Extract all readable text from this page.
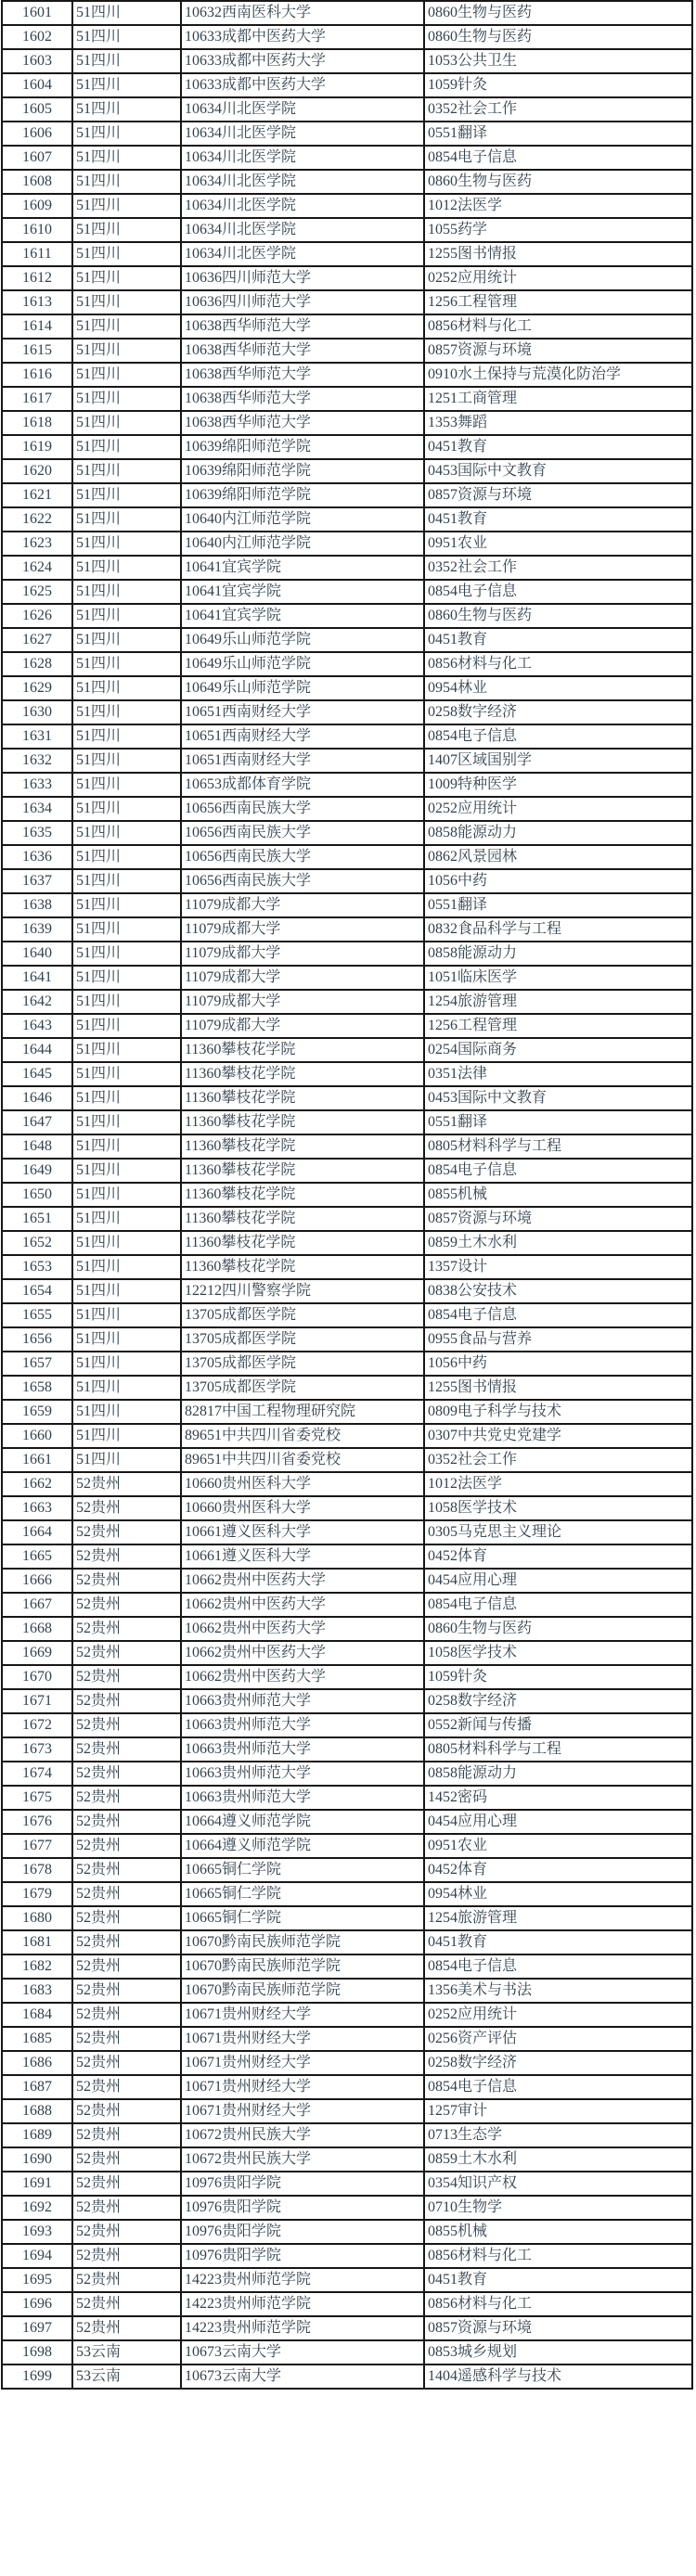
1601	51四川	10632西南医科大学	0860生物与医药
1602	51四川	10633成都中医药大学	0860生物与医药
1603	51四川	10633成都中医药大学	1053公共卫生
1604	51四川	10633成都中医药大学	1059针灸
1605	51四川	10634川北医学院	0352社会工作
1606	51四川	10634川北医学院	0551翻译
1607	51四川	10634川北医学院	0854电子信息
1608	51四川	10634川北医学院	0860生物与医药
1609	51四川	10634川北医学院	1012法医学
1610	51四川	10634川北医学院	1055药学
1611	51四川	10634川北医学院	1255图书情报
1612	51四川	10636四川师范大学	0252应用统计
1613	51四川	10636四川师范大学	1256工程管理
1614	51四川	10638西华师范大学	0856材料与化工
1615	51四川	10638西华师范大学	0857资源与环境
1616	51四川	10638西华师范大学	0910水土保持与荒漠化防治学
1617	51四川	10638西华师范大学	1251工商管理
1618	51四川	10638西华师范大学	1353舞蹈
1619	51四川	10639绵阳师范学院	0451教育
1620	51四川	10639绵阳师范学院	0453国际中文教育
1621	51四川	10639绵阳师范学院	0857资源与环境
1622	51四川	10640内江师范学院	0451教育
1623	51四川	10640内江师范学院	0951农业
1624	51四川	10641宜宾学院	0352社会工作
1625	51四川	10641宜宾学院	0854电子信息
1626	51四川	10641宜宾学院	0860生物与医药
1627	51四川	10649乐山师范学院	0451教育
1628	51四川	10649乐山师范学院	0856材料与化工
1629	51四川	10649乐山师范学院	0954林业
1630	51四川	10651西南财经大学	0258数字经济
1631	51四川	10651西南财经大学	0854电子信息
1632	51四川	10651西南财经大学	1407区域国别学
1633	51四川	10653成都体育学院	1009特种医学
1634	51四川	10656西南民族大学	0252应用统计
1635	51四川	10656西南民族大学	0858能源动力
1636	51四川	10656西南民族大学	0862风景园林
1637	51四川	10656西南民族大学	1056中药
1638	51四川	11079成都大学	0551翻译
1639	51四川	11079成都大学	0832食品科学与工程
1640	51四川	11079成都大学	0858能源动力
1641	51四川	11079成都大学	1051临床医学
1642	51四川	11079成都大学	1254旅游管理
1643	51四川	11079成都大学	1256工程管理
1644	51四川	11360攀枝花学院	0254国际商务
1645	51四川	11360攀枝花学院	0351法律
1646	51四川	11360攀枝花学院	0453国际中文教育
1647	51四川	11360攀枝花学院	0551翻译
1648	51四川	11360攀枝花学院	0805材料科学与工程
1649	51四川	11360攀枝花学院	0854电子信息
1650	51四川	11360攀枝花学院	0855机械
1651	51四川	11360攀枝花学院	0857资源与环境
1652	51四川	11360攀枝花学院	0859土木水利
1653	51四川	11360攀枝花学院	1357设计
1654	51四川	12212四川警察学院	0838公安技术
1655	51四川	13705成都医学院	0854电子信息
1656	51四川	13705成都医学院	0955食品与营养
1657	51四川	13705成都医学院	1056中药
1658	51四川	13705成都医学院	1255图书情报
1659	51四川	82817中国工程物理研究院	0809电子科学与技术
1660	51四川	89651中共四川省委党校	0307中共党史党建学
1661	51四川	89651中共四川省委党校	0352社会工作
1662	52贵州	10660贵州医科大学	1012法医学
1663	52贵州	10660贵州医科大学	1058医学技术
1664	52贵州	10661遵义医科大学	0305马克思主义理论
1665	52贵州	10661遵义医科大学	0452体育
1666	52贵州	10662贵州中医药大学	0454应用心理
1667	52贵州	10662贵州中医药大学	0854电子信息
1668	52贵州	10662贵州中医药大学	0860生物与医药
1669	52贵州	10662贵州中医药大学	1058医学技术
1670	52贵州	10662贵州中医药大学	1059针灸
1671	52贵州	10663贵州师范大学	0258数字经济
1672	52贵州	10663贵州师范大学	0552新闻与传播
1673	52贵州	10663贵州师范大学	0805材料科学与工程
1674	52贵州	10663贵州师范大学	0858能源动力
1675	52贵州	10663贵州师范大学	1452密码
1676	52贵州	10664遵义师范学院	0454应用心理
1677	52贵州	10664遵义师范学院	0951农业
1678	52贵州	10665铜仁学院	0452体育
1679	52贵州	10665铜仁学院	0954林业
1680	52贵州	10665铜仁学院	1254旅游管理
1681	52贵州	10670黔南民族师范学院	0451教育
1682	52贵州	10670黔南民族师范学院	0854电子信息
1683	52贵州	10670黔南民族师范学院	1356美术与书法
1684	52贵州	10671贵州财经大学	0252应用统计
1685	52贵州	10671贵州财经大学	0256资产评估
1686	52贵州	10671贵州财经大学	0258数字经济
1687	52贵州	10671贵州财经大学	0854电子信息
1688	52贵州	10671贵州财经大学	1257审计
1689	52贵州	10672贵州民族大学	0713生态学
1690	52贵州	10672贵州民族大学	0859土木水利
1691	52贵州	10976贵阳学院	0354知识产权
1692	52贵州	10976贵阳学院	0710生物学
1693	52贵州	10976贵阳学院	0855机械
1694	52贵州	10976贵阳学院	0856材料与化工
1695	52贵州	14223贵州师范学院	0451教育
1696	52贵州	14223贵州师范学院	0856材料与化工
1697	52贵州	14223贵州师范学院	0857资源与环境
1698	53云南	10673云南大学	0853城乡规划
1699	53云南	10673云南大学	1404遥感科学与技术
